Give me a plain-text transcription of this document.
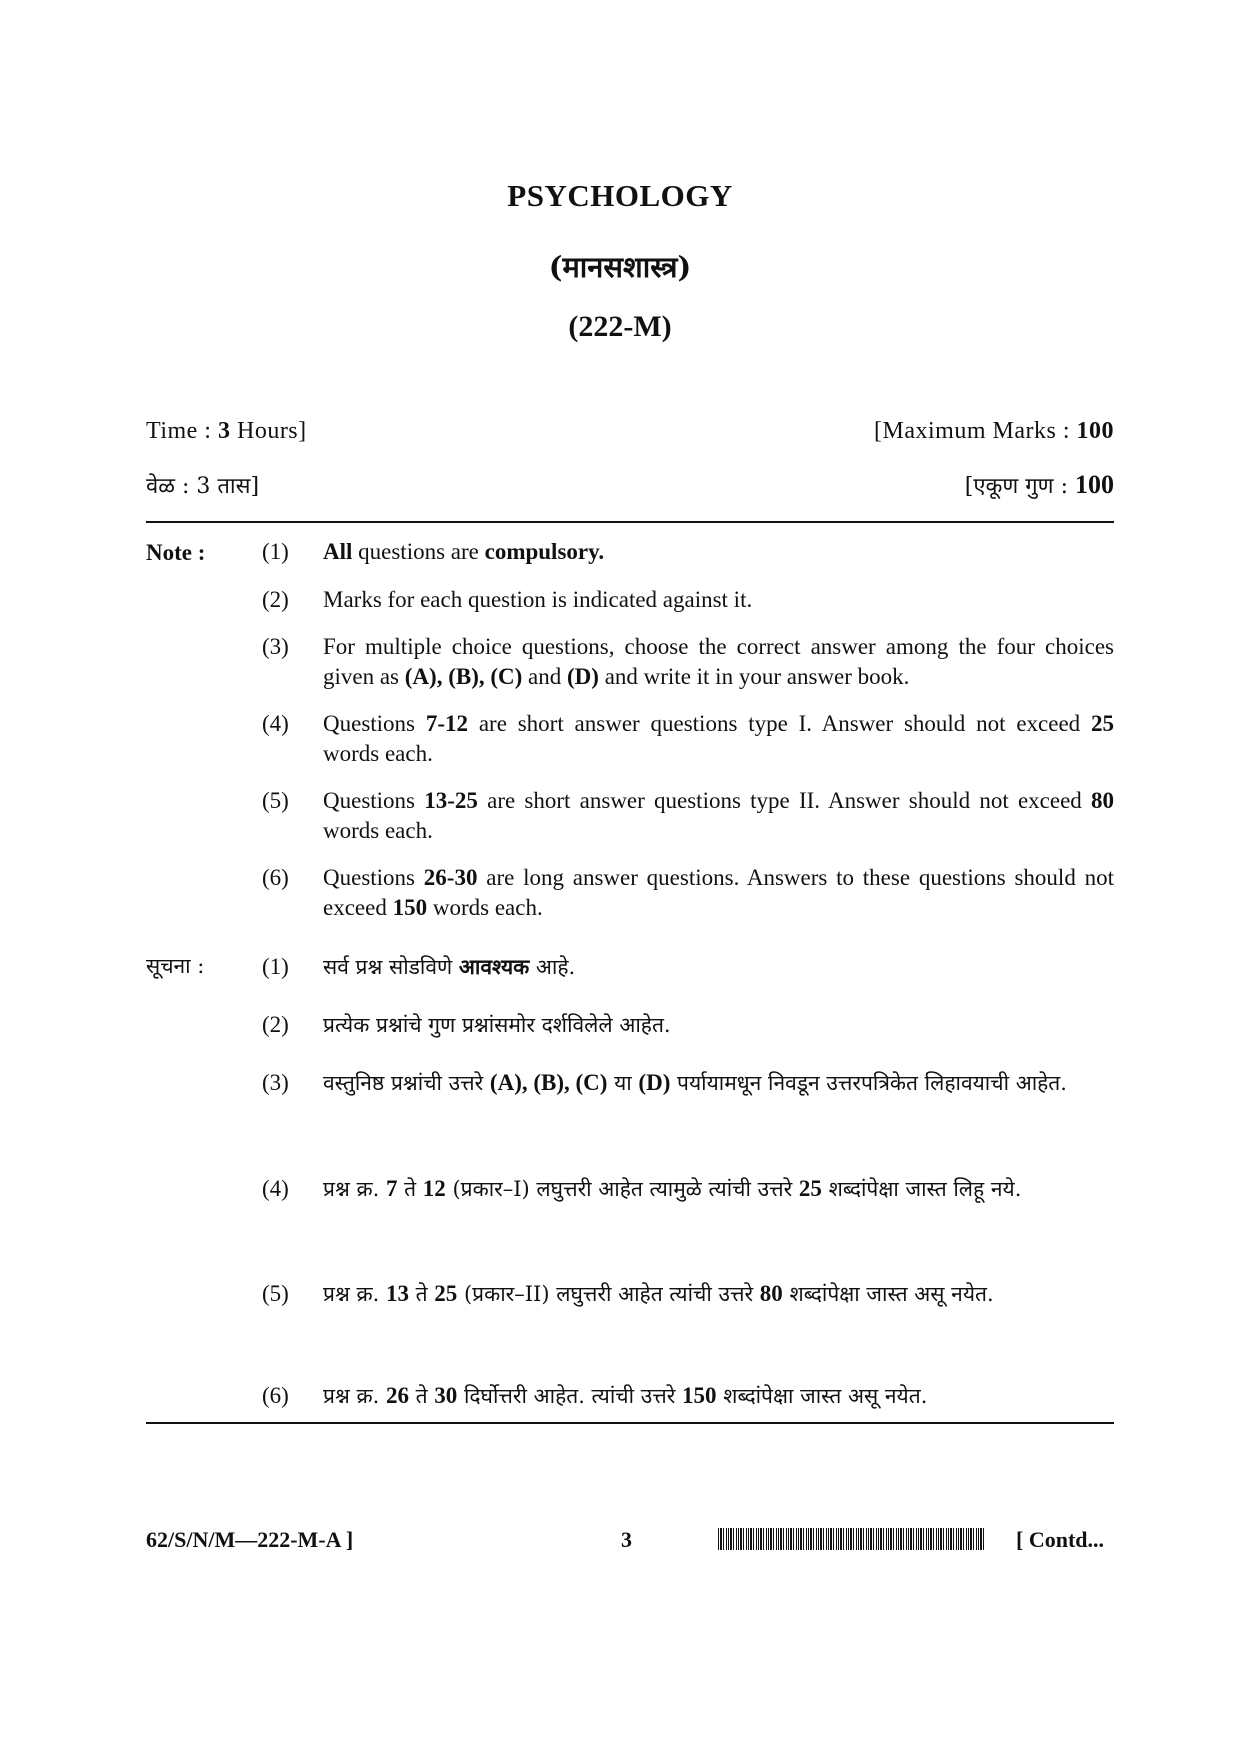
PSYCHOLOGY
(मानसशास्त्र)
(222-M)
Time : 3 Hours]	[Maximum Marks : 100
वेळ : 3 तास]	[एकूण गुण : 100
Note : (1)	All questions are compulsory.
(2)	Marks for each question is indicated against it.
(3)	For multiple choice questions, choose the correct answer among the four choices given as (A), (B), (C) and (D) and write it in your answer book.
(4)	Questions 7-12 are short answer questions type I. Answer should not exceed 25 words each.
(5)	Questions 13-25 are short answer questions type II. Answer should not exceed 80 words each.
(6)	Questions 26-30 are long answer questions. Answers to these questions should not exceed 150 words each.
सूचना :	(1)	सर्व प्रश्न सोडविणे आवश्यक आहे.
(2)	प्रत्येक प्रश्नांचे गुण प्रश्नांसमोर दर्शविलेले आहेत.
(3)	वस्तुनिष्ठ प्रश्नांची उत्तरे (A), (B), (C) या (D) पर्यायामधून निवडून उत्तरपत्रिकेत लिहावयाची आहेत.
(4)	प्रश्न क्र. 7 ते 12 (प्रकार–I) लघुत्तरी आहेत त्यामुळे त्यांची उत्तरे 25 शब्दांपेक्षा जास्त लिहू नये.
(5)	प्रश्न क्र. 13 ते 25 (प्रकार–II) लघुत्तरी आहेत त्यांची उत्तरे 80 शब्दांपेक्षा जास्त असू नयेत.
(6)	प्रश्न क्र. 26 ते 30 दिर्घोत्तरी आहेत. त्यांची उत्तरे 150 शब्दांपेक्षा जास्त असू नयेत.
62/S/N/M—222-M-A ]	3	[ Contd...
